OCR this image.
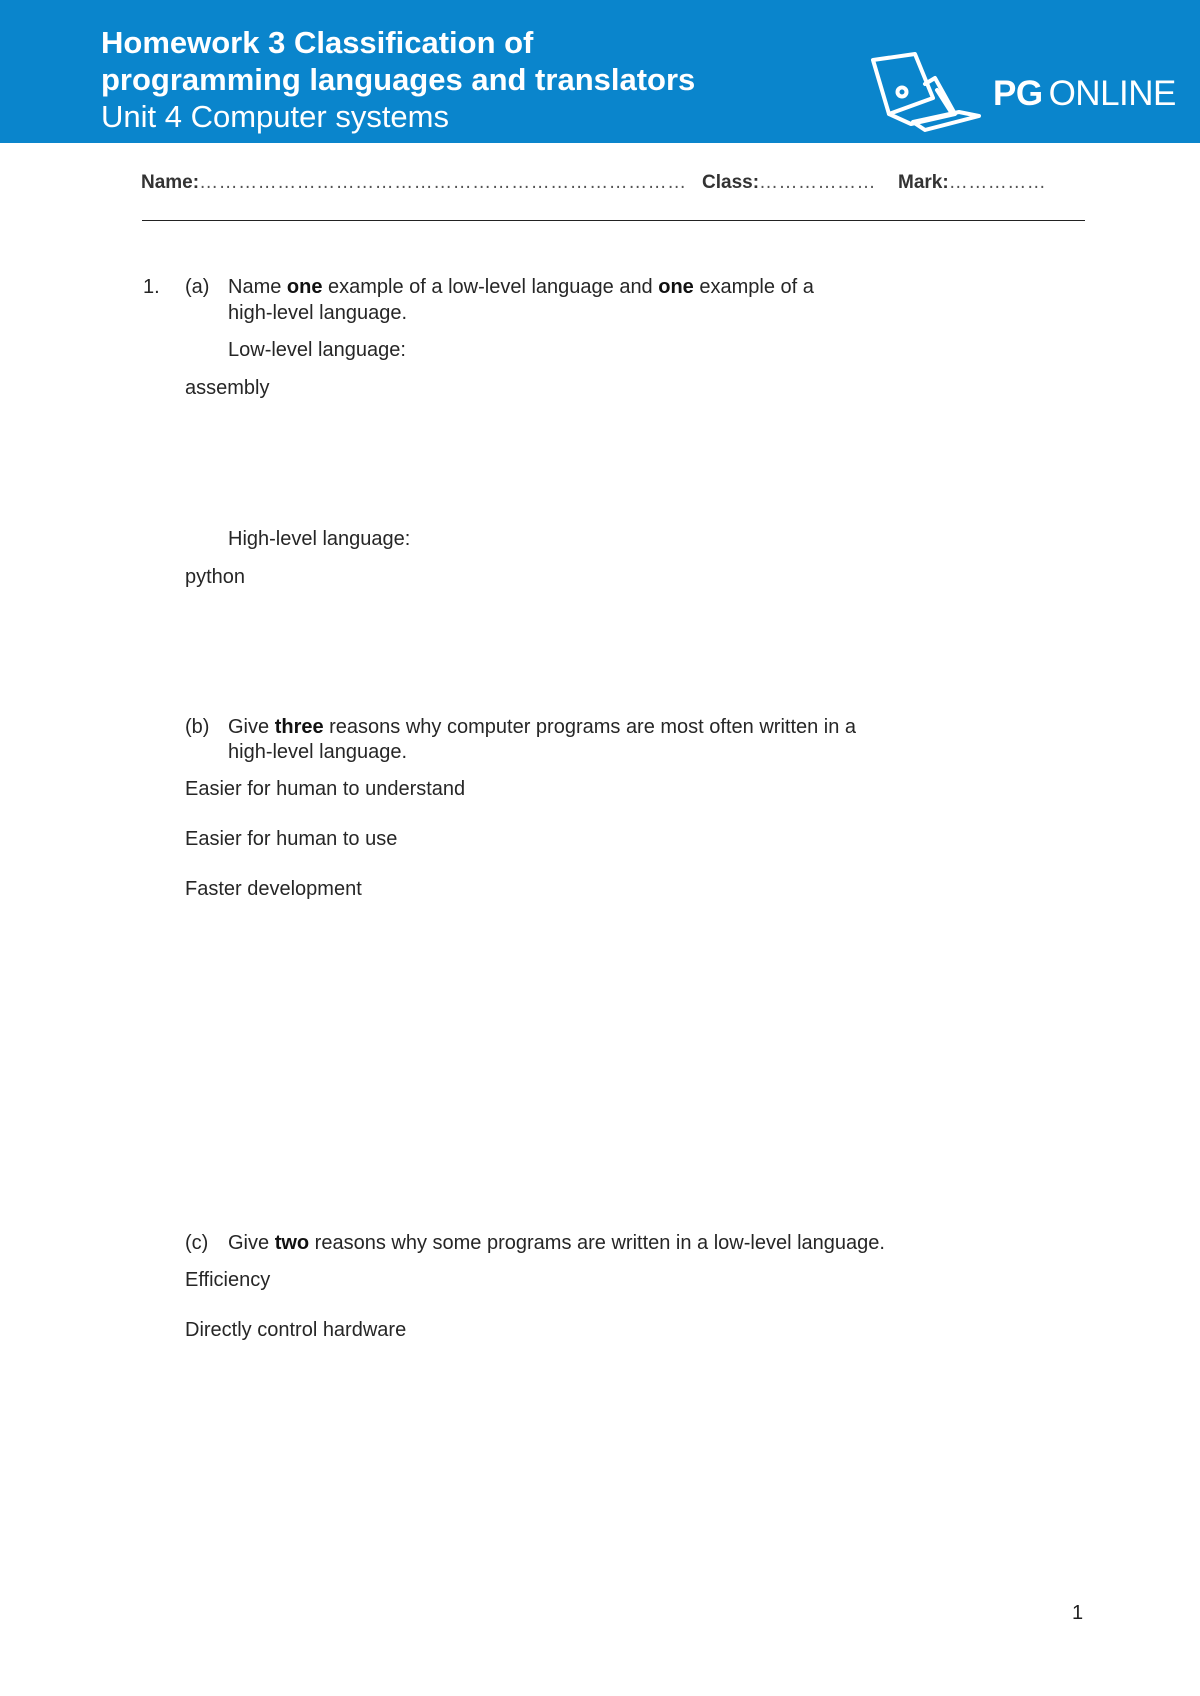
Homework 3 Classification of
programming languages and translators
Unit 4 Computer systems
PG ONLINE
Name:………………………………………………………………… Class:……………… Mark:……………
1. (a) Name one example of a low-level language and one example of a
high-level language.
Low-level language:
assembly
High-level language:
python
(b) Give three reasons why computer programs are most often written in a
high-level language.
Easier for human to understand
Easier for human to use
Faster development
(c) Give two reasons why some programs are written in a low-level language.
Efficiency
Directly control hardware
1
